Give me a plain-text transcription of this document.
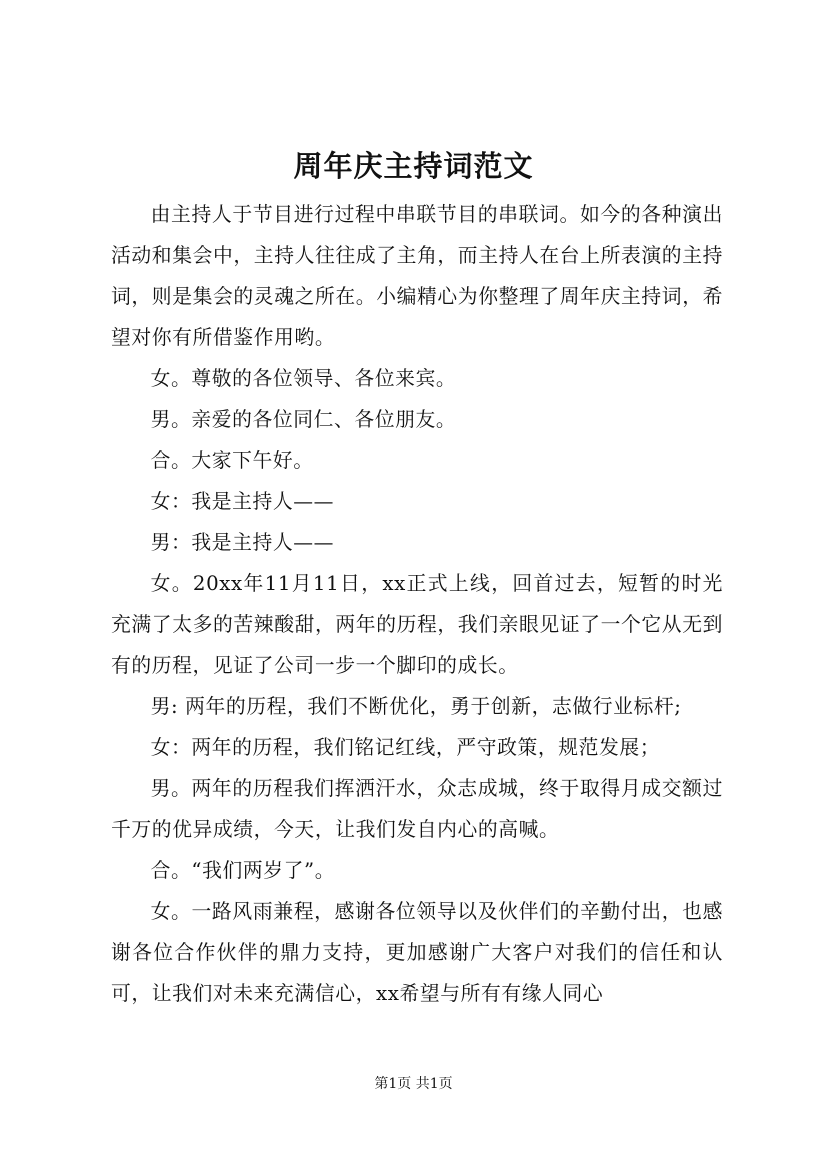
周年庆主持词范文

由主持人于节目进行过程中串联节目的串联词。如今的各种演出活动和集会中，主持人往往成了主角，而主持人在台上所表演的主持词，则是集会的灵魂之所在。小编精心为你整理了周年庆主持词，希望对你有所借鉴作用哟。

女。尊敬的各位领导、各位来宾。

男。亲爱的各位同仁、各位朋友。

合。大家下午好。

女：我是主持人——

男：我是主持人——

女。20xx年11月11日，xx正式上线，回首过去，短暂的时光充满了太多的苦辣酸甜，两年的历程，我们亲眼见证了一个它从无到有的历程，见证了公司一步一个脚印的成长。

男: 两年的历程，我们不断优化，勇于创新，志做行业标杆;

女：两年的历程，我们铭记红线，严守政策，规范发展；

男。两年的历程我们挥洒汗水，众志成城，终于取得月成交额过千万的优异成绩，今天，让我们发自内心的高喊。

合。“我们两岁了”。

女。一路风雨兼程，感谢各位领导以及伙伴们的辛勤付出，也感谢各位合作伙伴的鼎力支持，更加感谢广大客户对我们的信任和认可，让我们对未来充满信心，xx希望与所有有缘人同心

第1页 共1页
